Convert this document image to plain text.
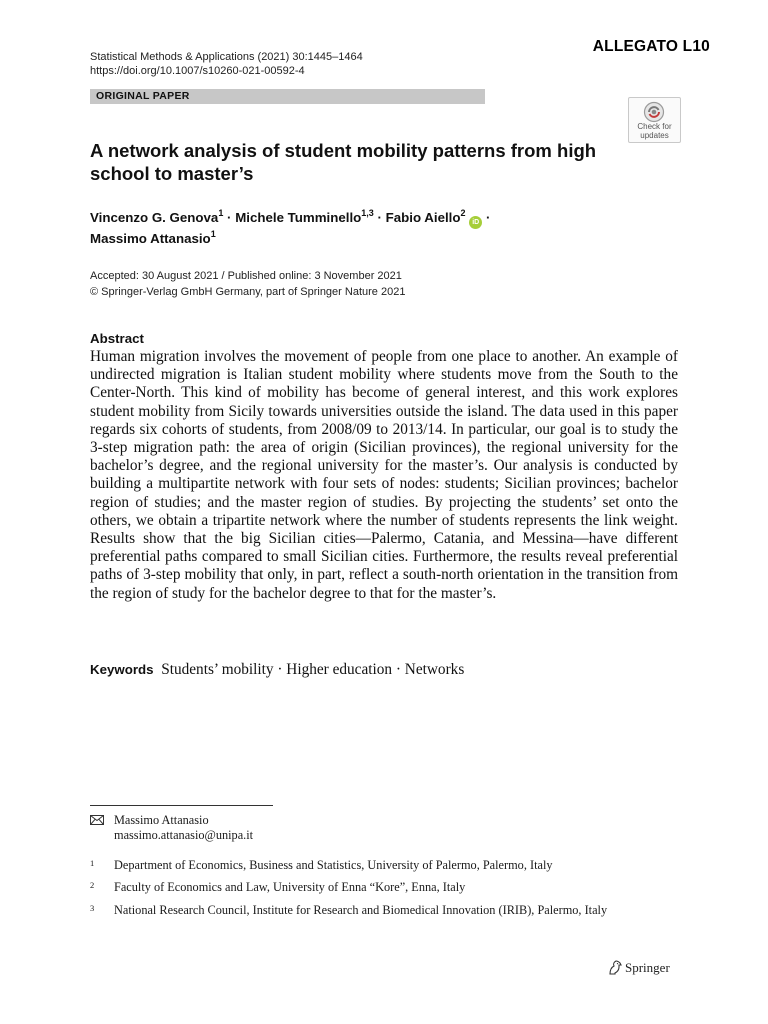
Statistical Methods & Applications (2021) 30:1445–1464
https://doi.org/10.1007/s10260-021-00592-4
ALLEGATO L10
ORIGINAL PAPER
Check for
updates
A network analysis of student mobility patterns from high school to master’s
Vincenzo G. Genova$^1$ · Michele Tumminello$^{1,3}$ · Fabio Aiello$^2$ iD ·
Massimo Attanasio$^1$
Accepted: 30 August 2021 / Published online: 3 November 2021
© Springer-Verlag GmbH Germany, part of Springer Nature 2021
Abstract
Human migration involves the movement of people from one place to another. An example of undirected migration is Italian student mobility where students move from the South to the Center-North. This kind of mobility has become of general interest, and this work explores student mobility from Sicily towards universities outside the island. The data used in this paper regards six cohorts of students, from 2008/09 to 2013/14. In particular, our goal is to study the 3-step migration path: the area of origin (Sicilian provinces), the regional university for the bachelor’s degree, and the regional university for the master’s. Our analysis is conducted by building a multipartite network with four sets of nodes: students; Sicilian provinces; bachelor region of studies; and the master region of studies. By projecting the students’ set onto the others, we obtain a tripartite network where the number of students represents the link weight. Results show that the big Sicilian cities—Palermo, Catania, and Messina—have different preferential paths compared to small Sicilian cities. Furthermore, the results reveal preferential paths of 3-step mobility that only, in part, reflect a south-north orientation in the transition from the region of study for the bachelor degree to that for the master’s.
Keywords Students’ mobility · Higher education · Networks
Massimo Attanasio
massimo.attanasio@unipa.it
1 Department of Economics, Business and Statistics, University of Palermo, Palermo, Italy
2 Faculty of Economics and Law, University of Enna “Kore”, Enna, Italy
3 National Research Council, Institute for Research and Biomedical Innovation (IRIB), Palermo, Italy
Springer
